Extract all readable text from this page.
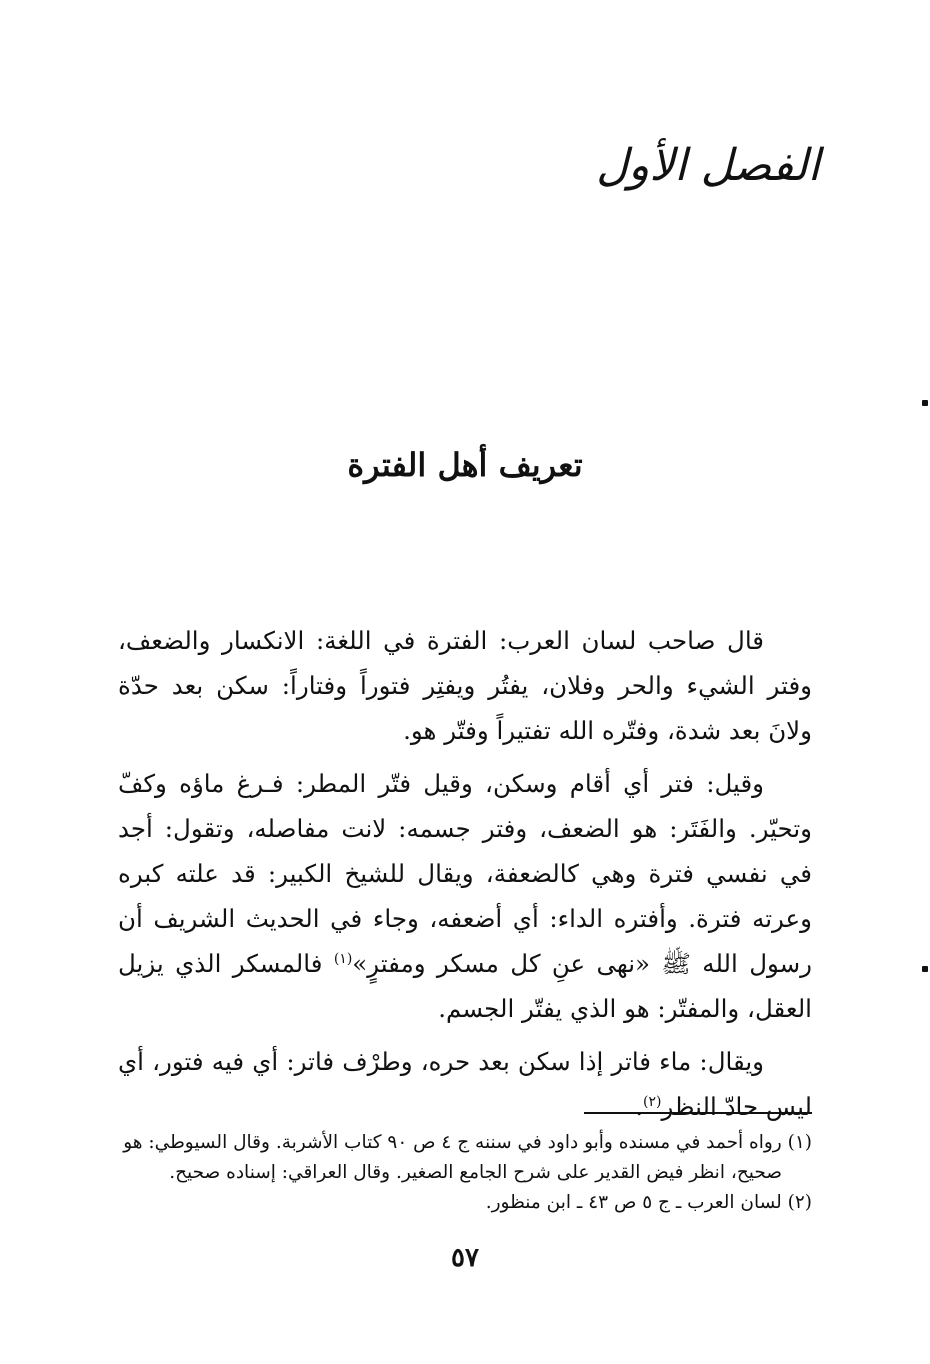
الفصل الأول
تعريف أهل الفترة

قال صاحب لسان العرب: الفترة في اللغة: الانكسار والضعف، وفتر الشيء والحر وفلان، يفتُر ويفتِر فتوراً وفتاراً: سكن بعد حدّة ولانَ بعد شدة، وفتّره الله تفتيراً وفتّر هو.

وقيل: فتر أي أقام وسكن، وقيل فتّر المطر: فـرغ ماؤه وكفّ وتحيّر. والفَتَر: هو الضعف، وفتر جسمه: لانت مفاصله، وتقول: أجد في نفسي فترة وهي كالضعفة، ويقال للشيخ الكبير: قد علته كبره وعرته فترة. وأفتره الداء: أي أضعفه، وجاء في الحديث الشريف أن رسول الله ﷺ «نهى عنِ كل مسكر ومفترٍ»$^{(١)}$ فالمسكر الذي يزيل العقل، والمفتّر: هو الذي يفتّر الجسم.

ويقال: ماء فاتر إذا سكن بعد حره، وطرْف فاتر: أي فيه فتور، أي ليس حادّ النظر$^{(٢)}$.

(١) رواه أحمد في مسنده وأبو داود في سننه ج ٤ ص ٩٠ كتاب الأشربة. وقال السيوطي: هو
صحيح، انظر فيض القدير على شرح الجامع الصغير. وقال العراقي: إسناده صحيح.
(٢) لسان العرب ـ ج ٥ ص ٤٣ ـ ابن منظور.
٥٧
